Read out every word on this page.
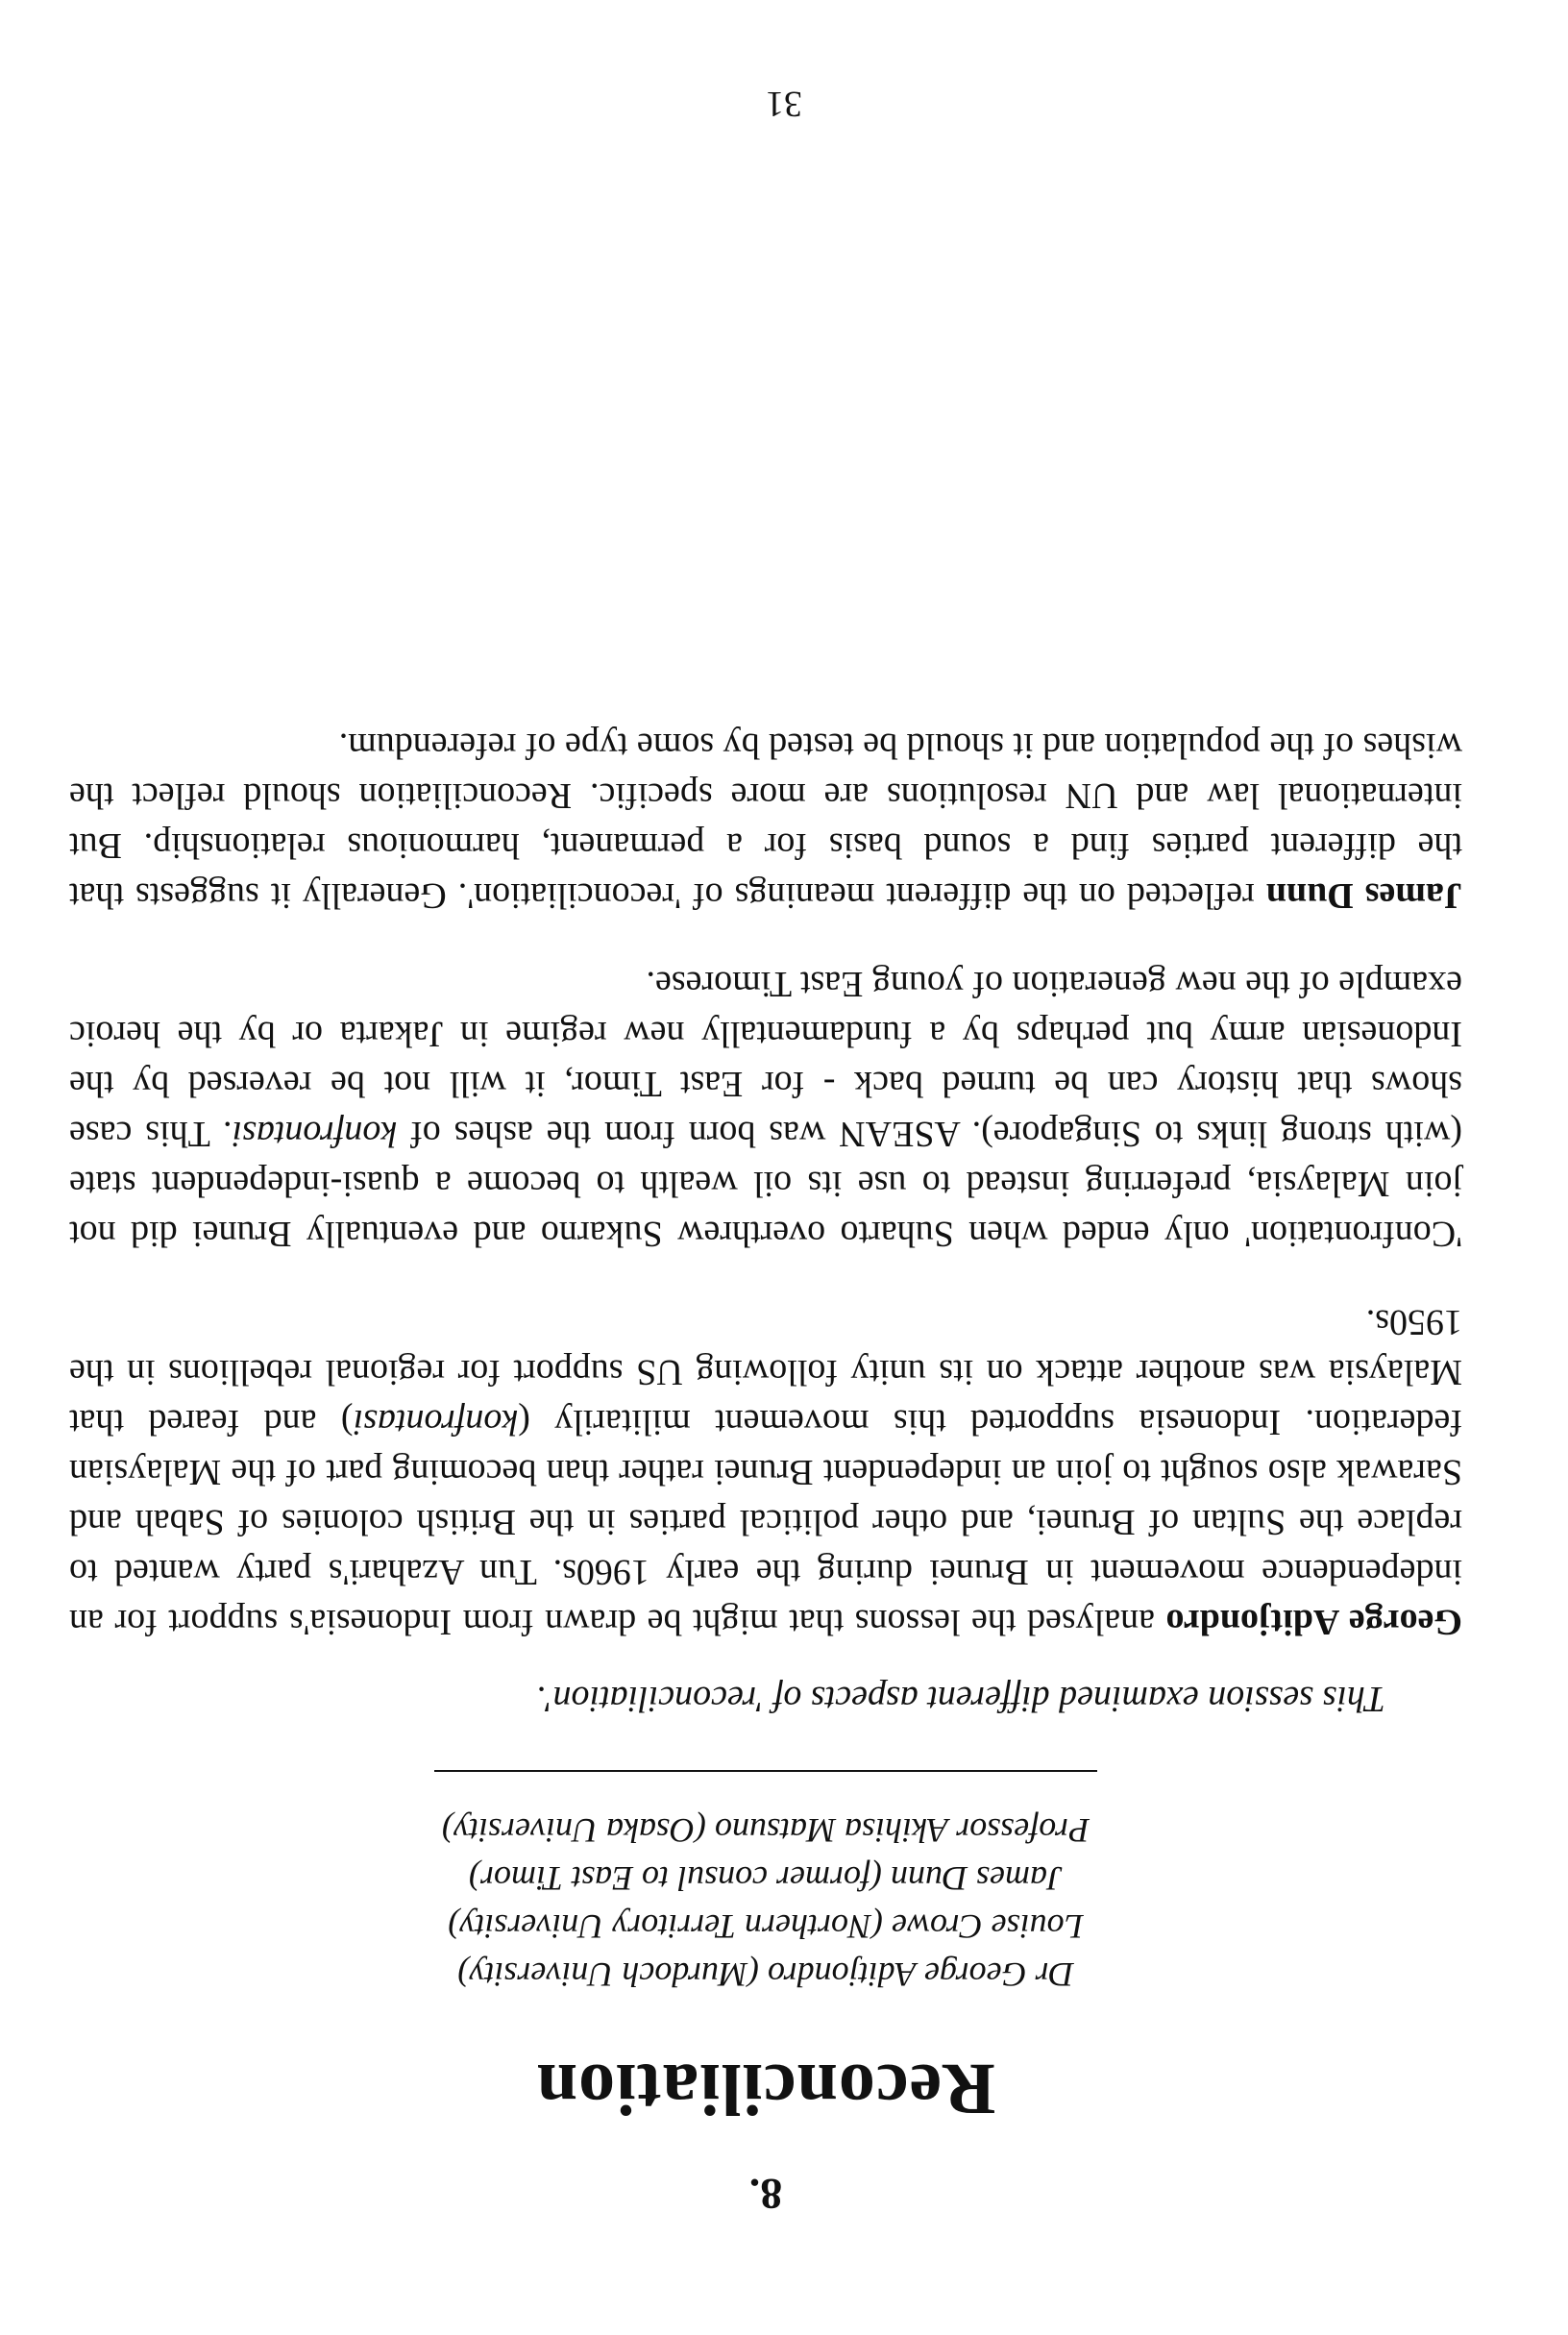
8.
Reconciliation
Dr George Aditjondro (Murdoch University)
Louise Crowe (Northern Territory University)
James Dunn (former consul to East Timor)
Professor Akihisa Matsuno (Osaka University)

This session examined different aspects of 'reconciliation'.

George Aditjondro analysed the lessons that might be drawn from Indonesia's support for an independence movement in Brunei during the early 1960s. Tun Azahari's party wanted to replace the Sultan of Brunei, and other political parties in the British colonies of Sabah and Sarawak also sought to join an independent Brunei rather than becoming part of the Malaysian federation. Indonesia supported this movement militarily (konfrontasi) and feared that Malaysia was another attack on its unity following US support for regional rebellions in the 1950s.

'Confrontation' only ended when Suharto overthrew Sukarno and eventually Brunei did not join Malaysia, preferring instead to use its oil wealth to become a quasi-independent state (with strong links to Singapore). ASEAN was born from the ashes of konfrontasi. This case shows that history can be turned back - for East Timor, it will not be reversed by the Indonesian army but perhaps by a fundamentally new regime in Jakarta or by the heroic example of the new generation of young East Timorese.

James Dunn reflected on the different meanings of 'reconciliation'. Generally it suggests that the different parties find a sound basis for a permanent, harmonious relationship. But international law and UN resolutions are more specific. Reconciliation should reflect the wishes of the population and it should be tested by some type of referendum.

31
